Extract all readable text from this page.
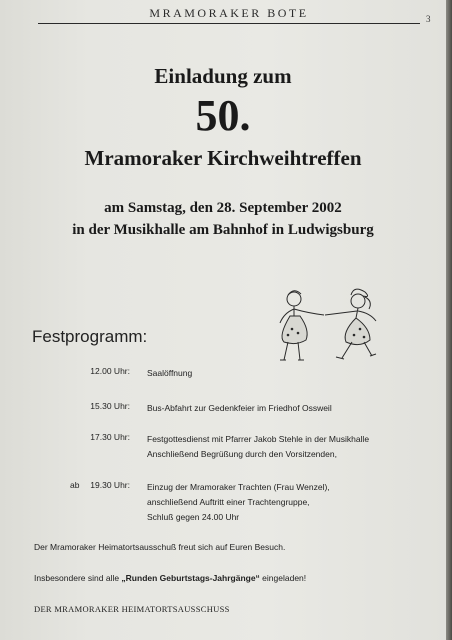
MRAMORAKER BOTE	3
Einladung zum
50.
Mramoraker Kirchweihtreffen
am Samstag, den 28. September 2002
in der Musikhalle am Bahnhof in Ludwigsburg
Festprogramm:
12.00 Uhr: Saalöffnung
15.30 Uhr: Bus-Abfahrt zur Gedenkfeier im Friedhof Ossweil
17.30 Uhr: Festgottesdienst mit Pfarrer Jakob Stehle in der Musikhalle
Anschließend Begrüßung durch den Vorsitzenden,
ab	19.30 Uhr: Einzug der Mramoraker Trachten (Frau Wenzel),
anschließend Auftritt einer Trachtengruppe,
Schluß gegen 24.00 Uhr
Der Mramoraker Heimatortsausschuß freut sich auf Euren Besuch.
Insbesondere sind alle „Runden Geburtstags-Jahrgänge“ eingeladen!
DER MRAMORAKER HEIMATORTSAUSSCHUSS
